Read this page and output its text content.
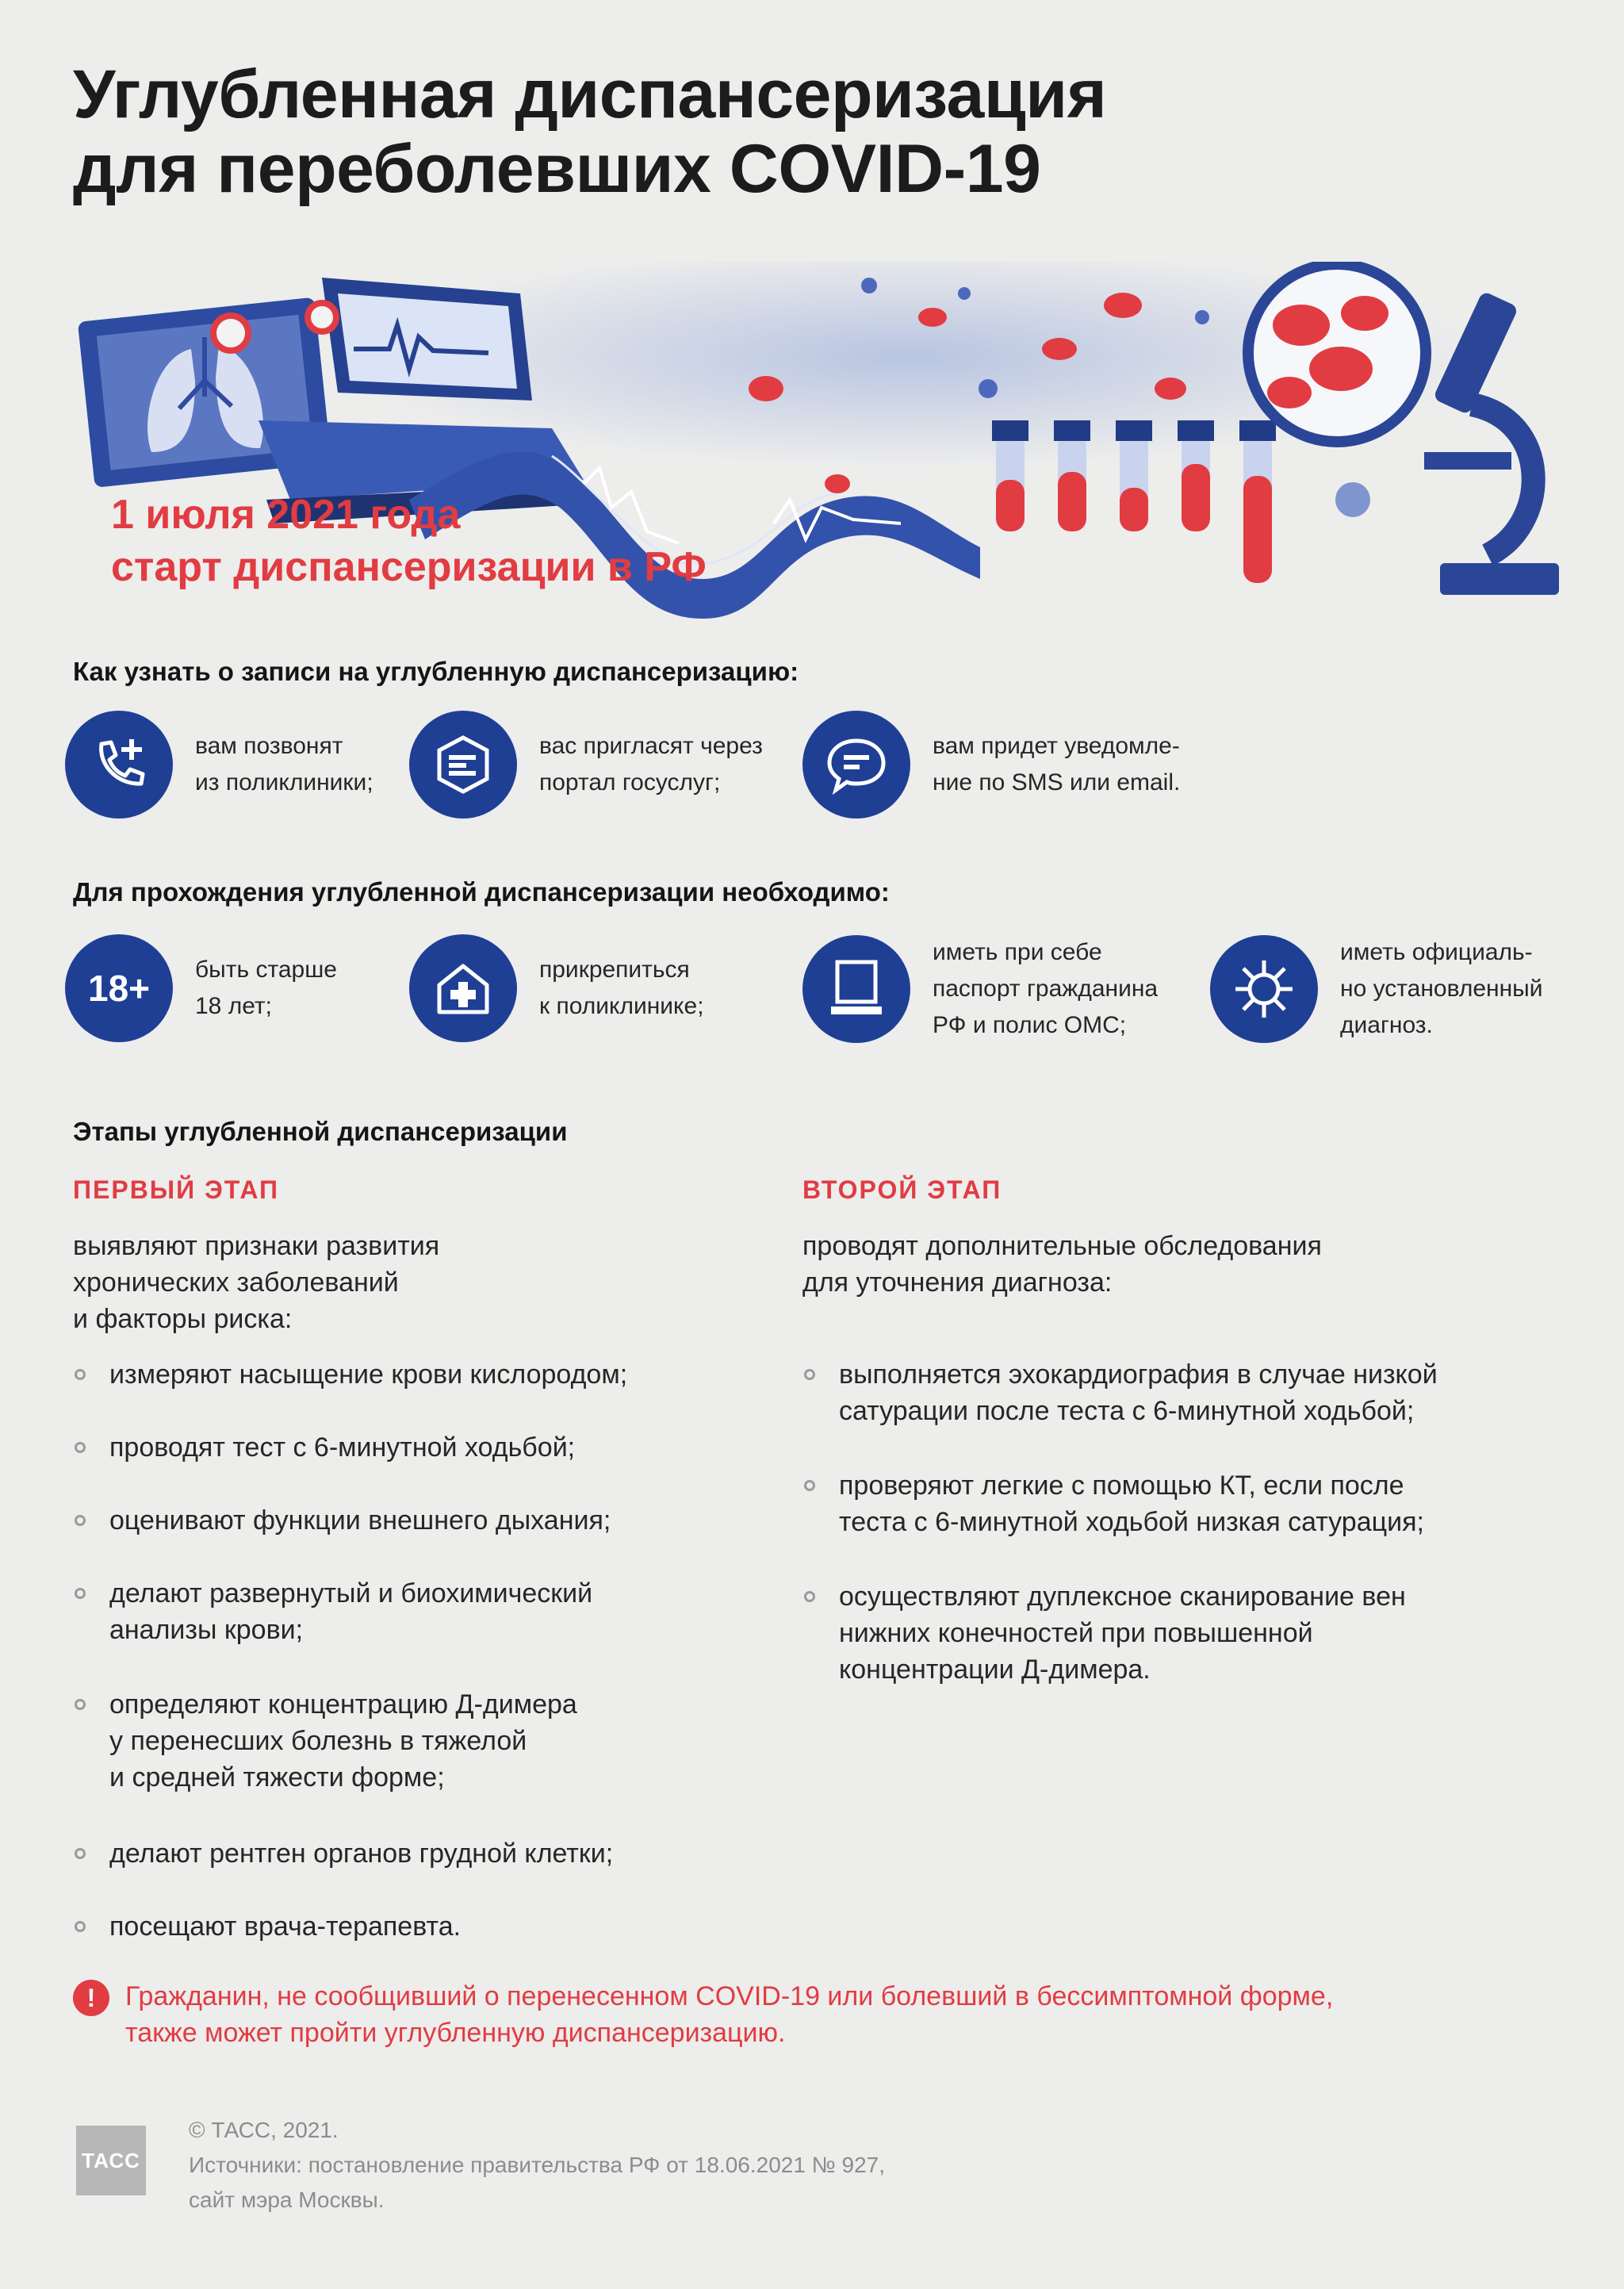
Углубленная диспансеризация
для переболевших COVID-19
1 июля 2021 года
старт диспансеризации в РФ
Как узнать о записи на углубленную диспансеризацию:
вам позвонят
из поликлиники;
вас пригласят через
портал госуслуг;
вам придет уведомле-
ние по SMS или email.
Для прохождения углубленной диспансеризации необходимо:
18+ быть старше
18 лет;
прикрепиться
к поликлинике;
иметь при себе
паспорт гражданина
РФ и полис ОМС;
иметь официаль-
но установленный
диагноз.
Этапы углубленной диспансеризации
ПЕРВЫЙ ЭТАП
выявляют признаки развития
хронических заболеваний
и факторы риска:
измеряют насыщение крови кислородом;
проводят тест с 6-минутной ходьбой;
оценивают функции внешнего дыхания;
делают развернутый и биохимический
анализы крови;
определяют концентрацию Д-димера
у перенесших болезнь в тяжелой
и средней тяжести форме;
делают рентген органов грудной клетки;
посещают врача-терапевта.
ВТОРОЙ ЭТАП
проводят дополнительные обследования
для уточнения диагноза:
выполняется эхокардиография в случае низкой
сатурации после теста с 6-минутной ходьбой;
проверяют легкие с помощью КТ, если после
теста с 6-минутной ходьбой низкая сатурация;
осуществляют дуплексное сканирование вен
нижних конечностей при повышенной
концентрации Д-димера.
!	Гражданин, не сообщивший о перенесенном COVID-19 или болевший в бессимптомной форме,
также может пройти углубленную диспансеризацию.
ТАСС
© ТАСС, 2021.
Источники: постановление правительства РФ от 18.06.2021 № 927,
сайт мэра Москвы.
